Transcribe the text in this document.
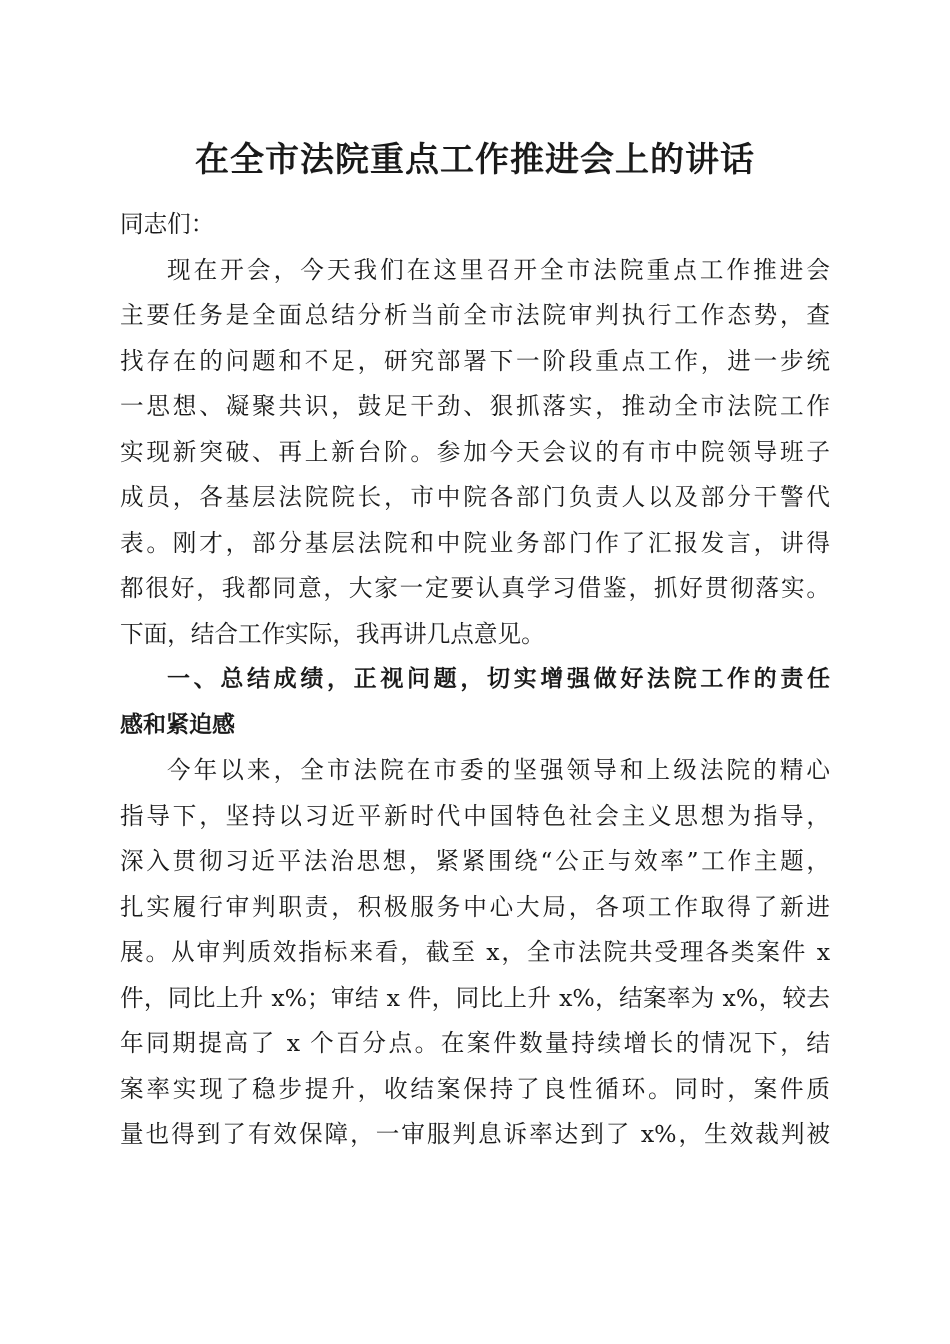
在全市法院重点工作推进会上的讲话
同志们：
现在开会，今天我们在这里召开全市法院重点工作推进会
主要任务是全面总结分析当前全市法院审判执行工作态势，查
找存在的问题和不足，研究部署下一阶段重点工作，进一步统
一思想、凝聚共识，鼓足干劲、狠抓落实，推动全市法院工作
实现新突破、再上新台阶。参加今天会议的有市中院领导班子
成员，各基层法院院长，市中院各部门负责人以及部分干警代
表。刚才，部分基层法院和中院业务部门作了汇报发言，讲得
都很好，我都同意，大家一定要认真学习借鉴，抓好贯彻落实。
下面，结合工作实际，我再讲几点意见。
一、总结成绩，正视问题，切实增强做好法院工作的责任
感和紧迫感
今年以来，全市法院在市委的坚强领导和上级法院的精心
指导下，坚持以习近平新时代中国特色社会主义思想为指导，
深入贯彻习近平法治思想，紧紧围绕“公正与效率”工作主题，
扎实履行审判职责，积极服务中心大局，各项工作取得了新进
展。从审判质效指标来看，截至 x，全市法院共受理各类案件 x
件，同比上升 x%；审结 x 件，同比上升 x%，结案率为 x%，较去
年同期提高了 x 个百分点。在案件数量持续增长的情况下，结
案率实现了稳步提升，收结案保持了良性循环。同时，案件质
量也得到了有效保障，一审服判息诉率达到了 x%，生效裁判被
